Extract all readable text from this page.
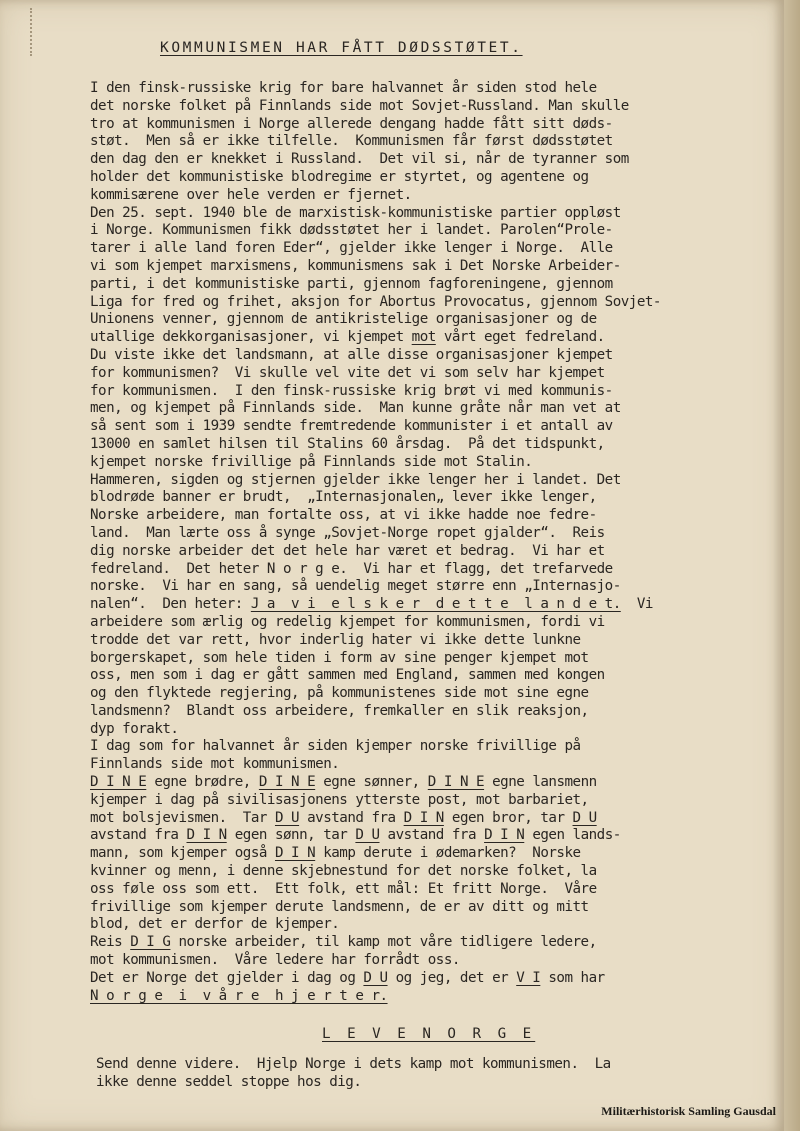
KOMMUNISMEN HAR FÅTT DØDSSTØTET.
I den finsk-russiske krig for bare halvannet år siden stod hele
det norske folket på Finnlands side mot Sovjet-Russland. Man skulle
tro at kommunismen i Norge allerede dengang hadde fått sitt døds-
støt.  Men så er ikke tilfelle.  Kommunismen får først dødsstøtet
den dag den er knekket i Russland.  Det vil si, når de tyranner som
holder det kommunistiske blodregime er styrtet, og agentene og
kommisærene over hele verden er fjernet.
Den 25. sept. 1940 ble de marxistisk-kommunistiske partier oppløst
i Norge. Kommunismen fikk dødsstøtet her i landet. Parolen“Prole-
tarer i alle land foren Eder“, gjelder ikke lenger i Norge.  Alle
vi som kjempet marxismens, kommunismens sak i Det Norske Arbeider-
parti, i det kommunistiske parti, gjennom fagforeningene, gjennom
Liga for fred og frihet, aksjon for Abortus Provocatus, gjennom Sovjet-
Unionens venner, gjennom de antikristelige organisasjoner og de
utallige dekkorganisasjoner, vi kjempet mot vårt eget fedreland.
Du viste ikke det landsmann, at alle disse organisasjoner kjempet
for kommunismen?  Vi skulle vel vite det vi som selv har kjempet
for kommunismen.  I den finsk-russiske krig brøt vi med kommunis-
men, og kjempet på Finnlands side.  Man kunne gråte når man vet at
så sent som i 1939 sendte fremtredende kommunister i et antall av
13000 en samlet hilsen til Stalins 60 årsdag.  På det tidspunkt,
kjempet norske frivillige på Finnlands side mot Stalin.
Hammeren, sigden og stjernen gjelder ikke lenger her i landet. Det
blodrøde banner er brudt,  „Internasjonalen„ lever ikke lenger,
Norske arbeidere, man fortalte oss, at vi ikke hadde noe fedre-
land.  Man lærte oss å synge „Sovjet-Norge ropet gjalder“.  Reis
dig norske arbeider det det hele har været et bedrag.  Vi har et
fedreland.  Det heter N o r g e.  Vi har et flagg, det trefarvede
norske.  Vi har en sang, så uendelig meget større enn „Internasjo-
nalen“.  Den heter: J a  v i  e l s k e r  d e t t e  l a n d e t.  Vi
arbeidere som ærlig og redelig kjempet for kommunismen, fordi vi
trodde det var rett, hvor inderlig hater vi ikke dette lunkne
borgerskapet, som hele tiden i form av sine penger kjempet mot
oss, men som i dag er gått sammen med England, sammen med kongen
og den flyktede regjering, på kommunistenes side mot sine egne
landsmenn?  Blandt oss arbeidere, fremkaller en slik reaksjon,
dyp forakt.
I dag som for halvannet år siden kjemper norske frivillige på
Finnlands side mot kommunismen.
D I N E egne brødre, D I N E egne sønner, D I N E egne lansmenn
kjemper i dag på sivilisasjonens ytterste post, mot barbariet,
mot bolsjevismen.  Tar D U avstand fra D I N egen bror, tar D U
avstand fra D I N egen sønn, tar D U avstand fra D I N egen lands-
mann, som kjemper også D I N kamp derute i ødemarken?  Norske
kvinner og menn, i denne skjebnestund for det norske folket, la
oss føle oss som ett.  Ett folk, ett mål: Et fritt Norge.  Våre
frivillige som kjemper derute landsmenn, de er av ditt og mitt
blod, det er derfor de kjemper.
Reis D I G norske arbeider, til kamp mot våre tidligere ledere,
mot kommunismen.  Våre ledere har forrådt oss.
Det er Norge det gjelder i dag og D U og jeg, det er V I som har
N o r g e  i  v å r e  h j e r t e r.
L E V E N O R G E
Send denne videre.  Hjelp Norge i dets kamp mot kommunismen.  La
ikke denne seddel stoppe hos dig.
Militærhistorisk Samling Gausdal
